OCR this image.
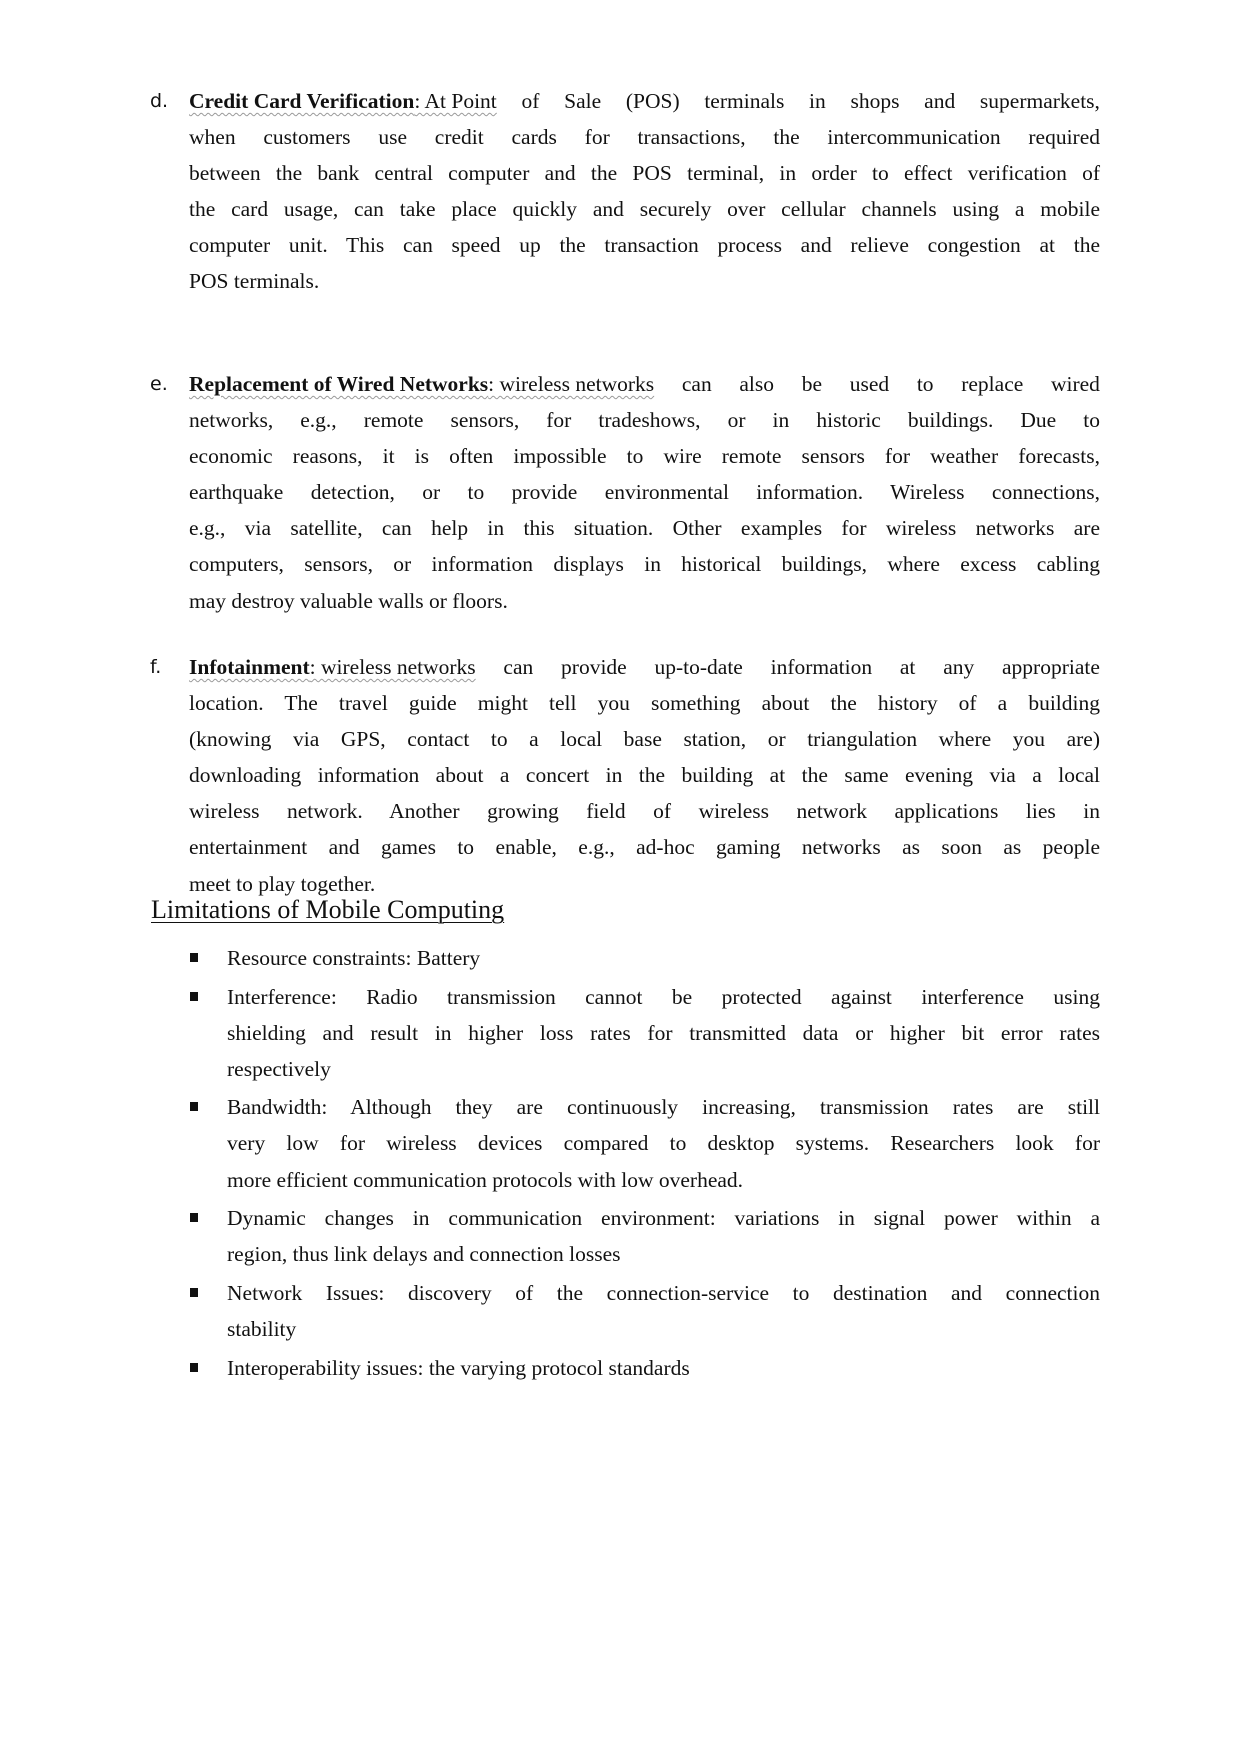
d. Credit Card Verification: At Point of Sale (POS) terminals in shops and supermarkets,
when customers use credit cards for transactions, the intercommunication required
between the bank central computer and the POS terminal, in order to effect verification of
the card usage, can take place quickly and securely over cellular channels using a mobile
computer unit. This can speed up the transaction process and relieve congestion at the
POS terminals.
e. Replacement of Wired Networks: wireless networks can also be used to replace wired
networks, e.g., remote sensors, for tradeshows, or in historic buildings. Due to
economic reasons, it is often impossible to wire remote sensors for weather forecasts,
earthquake detection, or to provide environmental information. Wireless connections,
e.g., via satellite, can help in this situation. Other examples for wireless networks are
computers, sensors, or information displays in historical buildings, where excess cabling
may destroy valuable walls or floors.
f. Infotainment: wireless networks can provide up-to-date information at any appropriate
location. The travel guide might tell you something about the history of a building
(knowing via GPS, contact to a local base station, or triangulation where you are)
downloading information about a concert in the building at the same evening via a local
wireless network. Another growing field of wireless network applications lies in
entertainment and games to enable, e.g., ad-hoc gaming networks as soon as people
meet to play together.
Limitations of Mobile Computing
Resource constraints: Battery
Interference: Radio transmission cannot be protected against interference using
shielding and result in higher loss rates for transmitted data or higher bit error rates
respectively
Bandwidth: Although they are continuously increasing, transmission rates are still
very low for wireless devices compared to desktop systems. Researchers look for
more efficient communication protocols with low overhead.
Dynamic changes in communication environment: variations in signal power within a
region, thus link delays and connection losses
Network Issues: discovery of the connection-service to destination and connection
stability
Interoperability issues: the varying protocol standards
